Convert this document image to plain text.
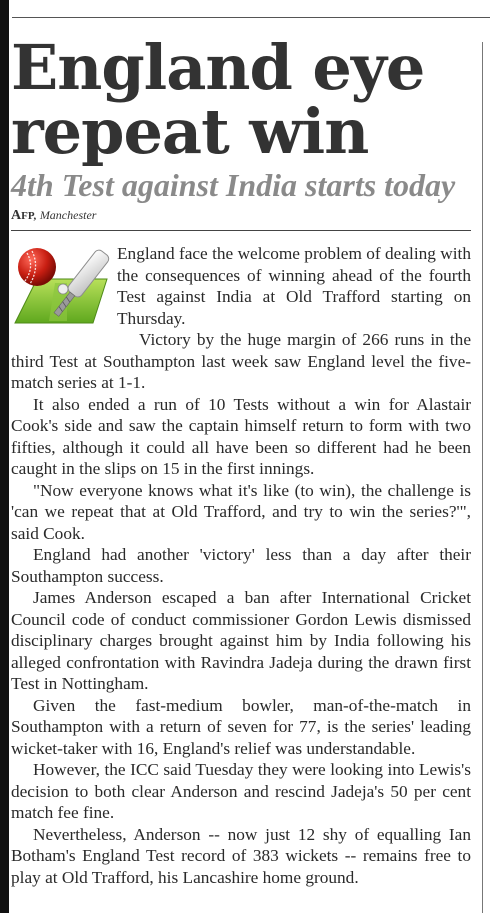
England eye repeat win
4th Test against India starts today
AFP, Manchester

England face the welcome problem of dealing with the consequences of winning ahead of the fourth Test against India at Old Trafford starting on Thursday.

Victory by the huge margin of 266 runs in the third Test at Southampton last week saw England level the five-match series at 1-1.

It also ended a run of 10 Tests without a win for Alastair Cook's side and saw the captain himself return to form with two fifties, although it could all have been so different had he been caught in the slips on 15 in the first innings.

"Now everyone knows what it's like (to win), the challenge is 'can we repeat that at Old Trafford, and try to win the series?'", said Cook.

England had another 'victory' less than a day after their Southampton success.

James Anderson escaped a ban after International Cricket Council code of conduct commissioner Gordon Lewis dismissed disciplinary charges brought against him by India following his alleged confrontation with Ravindra Jadeja during the drawn first Test in Nottingham.

Given the fast-medium bowler, man-of-the-match in Southampton with a return of seven for 77, is the series' leading wicket-taker with 16, England's relief was understandable.

However, the ICC said Tuesday they were looking into Lewis's decision to both clear Anderson and rescind Jadeja's 50 per cent match fee fine.

Nevertheless, Anderson -- now just 12 shy of equalling Ian Botham's England Test record of 383 wickets -- remains free to play at Old Trafford, his Lancashire home ground.
